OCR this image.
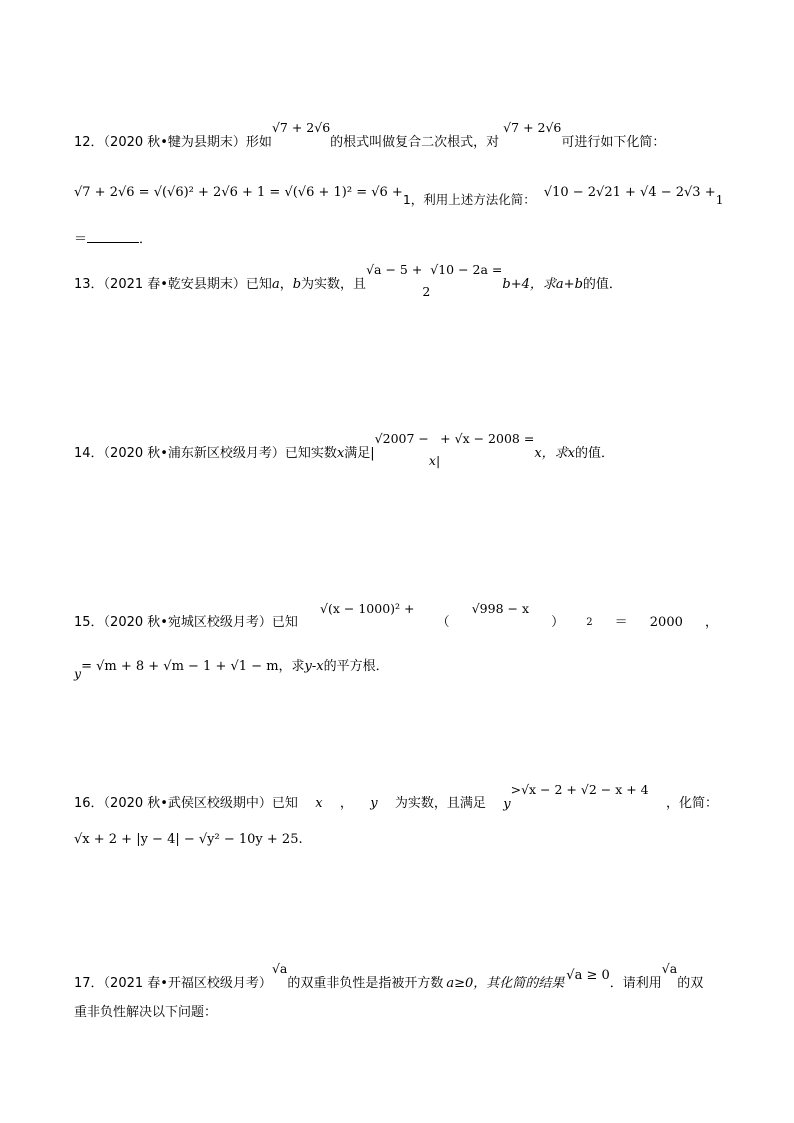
12．（2020 秋•犍为县期末）形如√7 + 2√6的根式叫做复合二次根式，对√7 + 2√6可进行如下化简：
√7 + 2√6 = √(√6)² + 2√6 + 1 = √(√6 + 1)² = √6 +1，利用上述方法化简： √10 − 2√21 + √4 − 2√3 +1
＝	．
13．（2021 春•乾安县期末）已知a，b为实数，且√a − 5 +2√10 − 2a =b+4，求a+b的值．
14．（2020 秋•浦东新区校级月考）已知实数x满足|√2007 −x|+ √x − 2008 =x，求x的值．
15．（2020 秋•宛城区校级月考）已知
√(x − 1000)² +
（
√998 − x
） 2 ＝ 2000 ，
y= √m + 8 + √m − 1 + √1 − m，求y-x的平方根．
16．（2020 秋•武侯区校级期中）已知 x ， y 为实数，且满足 y>√x − 2 + √2 − x + 4
，化简：
√x + 2 + |y − 4| − √y² − 10y + 25.
17．（2021 春•开福区校级月考）√a的双重非负性是指被开方数 a≥0，其化简的结果√a ≥ 0．请利用√a的双
重非负性解决以下问题：
